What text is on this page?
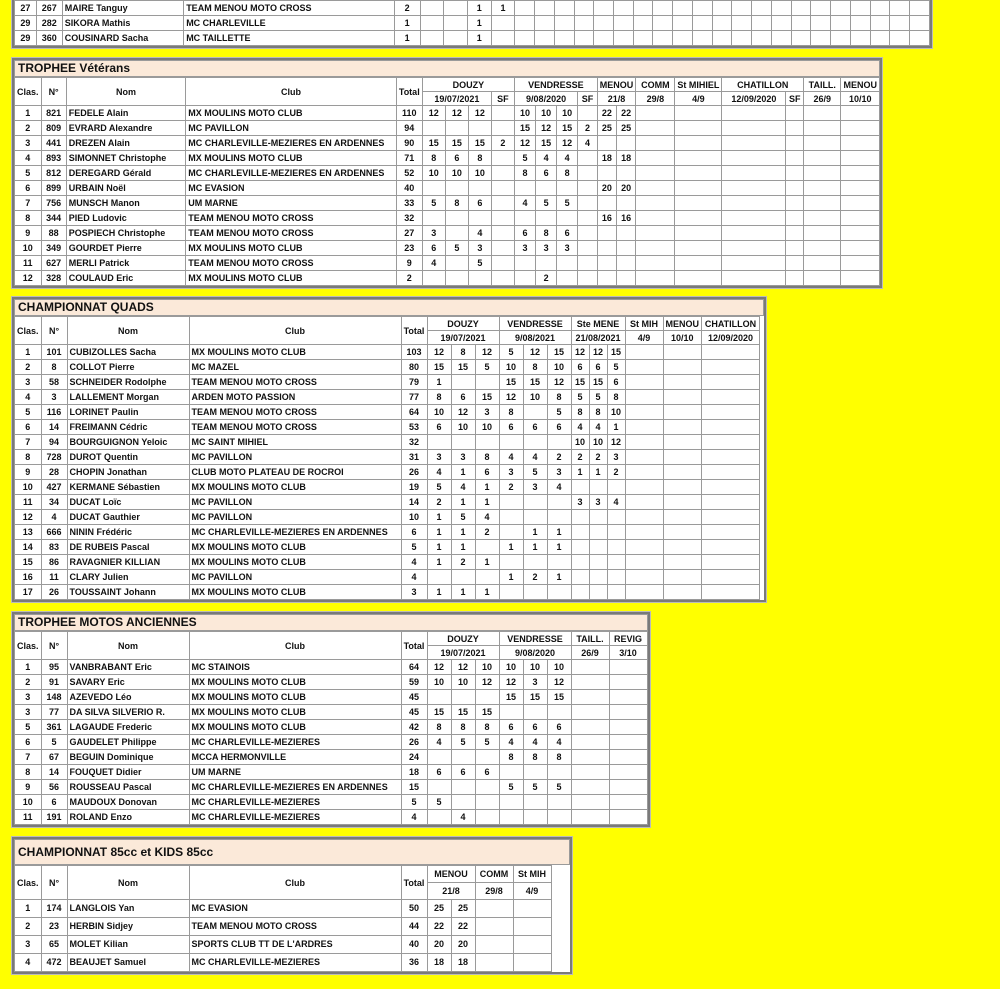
27	267	MAIRE Tanguy	TEAM MENOU MOTO CROSS	2			1	1																					
29	282	SIKORA Mathis	MC CHARLEVILLE	1			1																						
29	360	COUSINARD Sacha	MC TAILLETTE	1			1																						
TROPHEE Vétérans
Clas.	N°	Nom	Club	Total	DOUZY				VENDRESSE				MENOU		COMM	St MIHIEL	CHATILLON		TAILL.	MENOU
					19/07/2021			SF	9/08/2020			SF	21/8		29/8	4/9	12/09/2020	SF	26/9	10/10
1	821	FEDELE Alain	MX MOULINS MOTO CLUB	110	12	12	12		10	10	10		22	22						
2	809	EVRARD Alexandre	MC PAVILLON	94					15	12	15	2	25	25						
3	441	DREZEN Alain	MC CHARLEVILLE-MEZIERES EN ARDENNES	90	15	15	15	2	12	15	12	4								
4	893	SIMONNET Christophe	MX MOULINS MOTO CLUB	71	8	6	8		5	4	4		18	18						
5	812	DEREGARD Gérald	MC CHARLEVILLE-MEZIERES EN ARDENNES	52	10	10	10		8	6	8									
6	899	URBAIN Noël	MC EVASION	40									20	20						
7	756	MUNSCH Manon	UM MARNE	33	5	8	6		4	5	5									
8	344	PIED Ludovic	TEAM MENOU MOTO CROSS	32									16	16						
9	88	POSPIECH Christophe	TEAM MENOU MOTO CROSS	27	3		4		6	8	6									
10	349	GOURDET Pierre	MX MOULINS MOTO CLUB	23	6	5	3		3	3	3									
11	627	MERLI Patrick	TEAM MENOU MOTO CROSS	9	4		5													
12	328	COULAUD Eric	MX MOULINS MOTO CLUB	2						2										
CHAMPIONNAT QUADS
Clas.	N°	Nom	Club	Total	DOUZY			VENDRESSE			Ste MENE			St MIH	MENOU	CHATILLON
					19/07/2021			9/08/2021			21/08/2021			4/9	10/10	12/09/2020
1	101	CUBIZOLLES Sacha	MX MOULINS MOTO CLUB	103	12	8	12	5	12	15	12	12	15			
2	8	COLLOT Pierre	MC MAZEL	80	15	15	5	10	8	10	6	6	5			
3	58	SCHNEIDER Rodolphe	TEAM MENOU MOTO CROSS	79	1			15	15	12	15	15	6			
4	3	LALLEMENT Morgan	ARDEN MOTO PASSION	77	8	6	15	12	10	8	5	5	8			
5	116	LORINET Paulin	TEAM MENOU MOTO CROSS	64	10	12	3	8		5	8	8	10			
6	14	FREIMANN Cédric	TEAM MENOU MOTO CROSS	53	6	10	10	6	6	6	4	4	1			
7	94	BOURGUIGNON Yeloic	MC SAINT MIHIEL	32							10	10	12			
8	728	DUROT Quentin	MC PAVILLON	31	3	3	8	4	4	2	2	2	3			
9	28	CHOPIN Jonathan	CLUB MOTO PLATEAU DE ROCROI	26	4	1	6	3	5	3	1	1	2			
10	427	KERMANE Sébastien	MX MOULINS MOTO CLUB	19	5	4	1	2	3	4						
11	34	DUCAT Loïc	MC PAVILLON	14	2	1	1				3	3	4			
12	4	DUCAT Gauthier	MC PAVILLON	10	1	5	4									
13	666	NININ Frédéric	MC CHARLEVILLE-MEZIERES EN ARDENNES	6	1	1	2		1	1						
14	83	DE RUBEIS Pascal	MX MOULINS MOTO CLUB	5	1	1		1	1	1						
15	86	RAVAGNIER KILLIAN	MX MOULINS MOTO CLUB	4	1	2	1									
16	11	CLARY Julien	MC PAVILLON	4				1	2	1						
17	26	TOUSSAINT Johann	MX MOULINS MOTO CLUB	3	1	1	1									
TROPHEE MOTOS ANCIENNES
Clas.	N°	Nom	Club	Total	DOUZY			VENDRESSE			TAILL.	REVIG
					19/07/2021			9/08/2020			26/9	3/10
1	95	VANBRABANT Eric	MC STAINOIS	64	12	12	10	10	10	10		
2	91	SAVARY Eric	MX MOULINS MOTO CLUB	59	10	10	12	12	3	12		
3	148	AZEVEDO Léo	MX MOULINS MOTO CLUB	45				15	15	15		
3	77	DA SILVA SILVERIO R.	MX MOULINS MOTO CLUB	45	15	15	15					
5	361	LAGAUDE Frederic	MX MOULINS MOTO CLUB	42	8	8	8	6	6	6		
6	5	GAUDELET Philippe	MC CHARLEVILLE-MEZIERES	26	4	5	5	4	4	4		
7	67	BEGUIN Dominique	MCCA HERMONVILLE	24				8	8	8		
8	14	FOUQUET Didier	UM MARNE	18	6	6	6					
9	56	ROUSSEAU Pascal	MC CHARLEVILLE-MEZIERES EN ARDENNES	15				5	5	5		
10	6	MAUDOUX Donovan	MC CHARLEVILLE-MEZIERES	5	5							
11	191	ROLAND Enzo	MC CHARLEVILLE-MEZIERES	4		4						
CHAMPIONNAT 85cc et KIDS 85cc
Clas.	N°	Nom	Club	Total	MENOU		COMM	St MIH
					21/8		29/8	4/9
1	174	LANGLOIS Yan	MC EVASION	50	25	25		
2	23	HERBIN Sidjey	TEAM MENOU MOTO CROSS	44	22	22		
3	65	MOLET Kilian	SPORTS CLUB TT DE L'ARDRES	40	20	20		
4	472	BEAUJET Samuel	MC CHARLEVILLE-MEZIERES	36	18	18		
